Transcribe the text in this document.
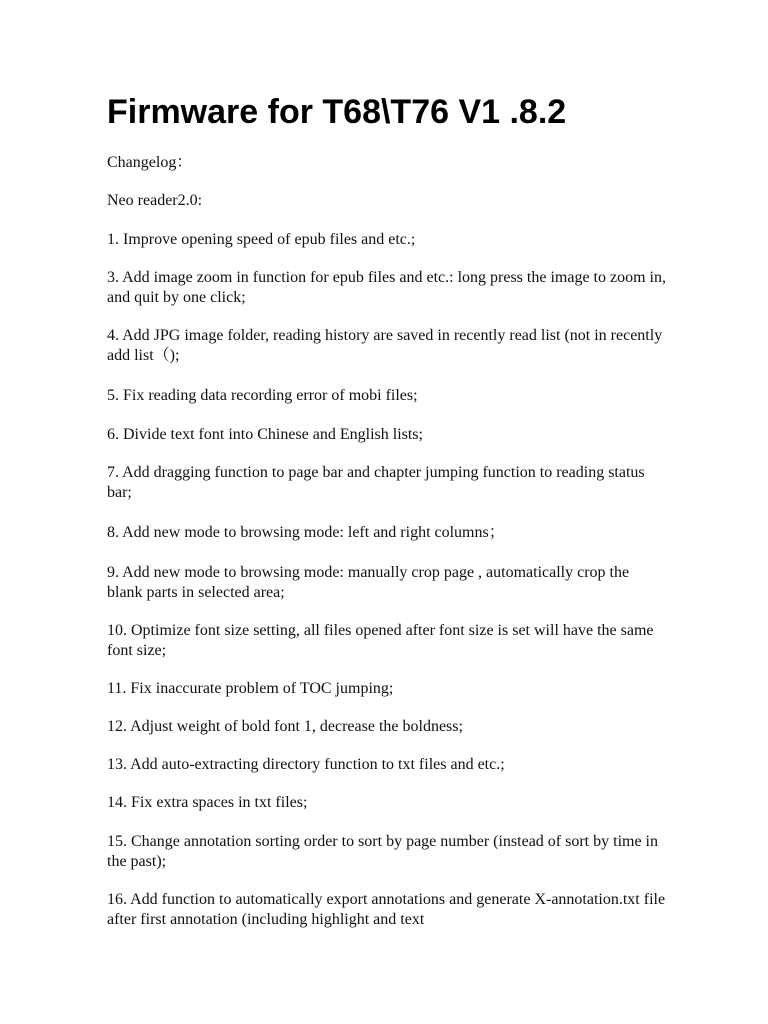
Firmware for T68\T76 V1 .8.2

Changelog：

Neo reader2.0:

1. Improve opening speed of epub files and etc.;

3. Add image zoom in function for epub files and etc.: long press the image to zoom in, and quit by one click;

4. Add JPG image folder, reading history are saved in recently read list (not in recently add list（);

5. Fix reading data recording error of mobi files;

6. Divide text font into Chinese and English lists;

7. Add dragging function to page bar and chapter jumping function to reading status bar;

8. Add new mode to browsing mode: left and right columns；

9. Add new mode to browsing mode: manually crop page , automatically crop the blank parts in selected area;

10. Optimize font size setting, all files opened after font size is set will have the same font size;

11. Fix inaccurate problem of TOC jumping;

12. Adjust weight of bold font 1, decrease the boldness;

13. Add auto-extracting directory function to txt files and etc.;

14. Fix extra spaces in txt files;

15. Change annotation sorting order to sort by page number (instead of sort by time in the past);

16. Add function to automatically export annotations and generate X-annotation.txt file after first annotation (including highlight and text
